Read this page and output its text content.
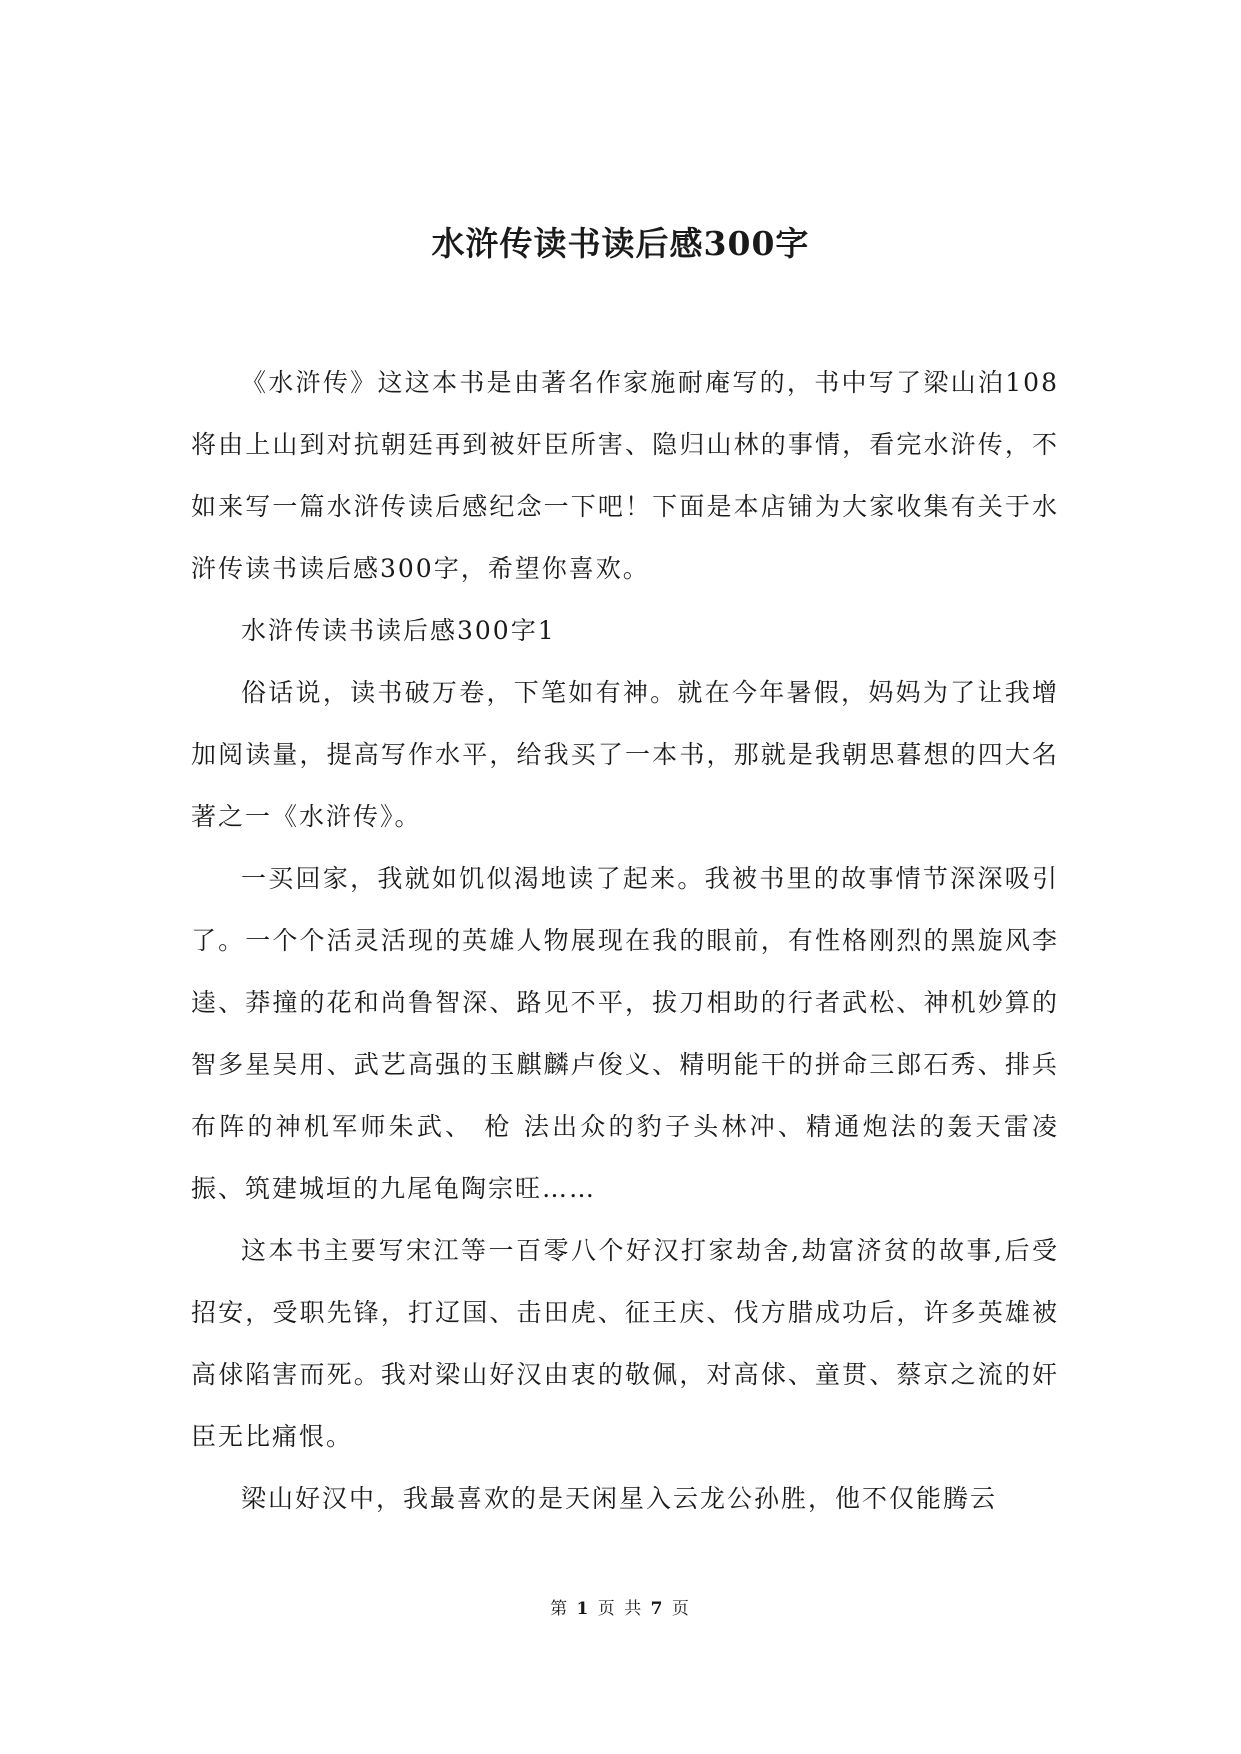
水浒传读书读后感300字

《水浒传》这这本书是由著名作家施耐庵写的，书中写了梁山泊108将由上山到对抗朝廷再到被奸臣所害、隐归山林的事情，看完水浒传，不如来写一篇水浒传读后感纪念一下吧！下面是本店铺为大家收集有关于水浒传读书读后感300字，希望你喜欢。

水浒传读书读后感300字1

俗话说，读书破万卷，下笔如有神。就在今年暑假，妈妈为了让我增加阅读量，提高写作水平，给我买了一本书，那就是我朝思暮想的四大名著之一《水浒传》。

一买回家，我就如饥似渴地读了起来。我被书里的故事情节深深吸引了。一个个活灵活现的英雄人物展现在我的眼前，有性格刚烈的黑旋风李逵、莽撞的花和尚鲁智深、路见不平，拔刀相助的行者武松、神机妙算的智多星吴用、武艺高强的玉麒麟卢俊义、精明能干的拼命三郎石秀、排兵布阵的神机军师朱武、 枪 法出众的豹子头林冲、精通炮法的轰天雷凌振、筑建城垣的九尾龟陶宗旺……

这本书主要写宋江等一百零八个好汉打家劫舍,劫富济贫的故事,后受招安，受职先锋，打辽国、击田虎、征王庆、伐方腊成功后，许多英雄被高俅陷害而死。我对梁山好汉由衷的敬佩，对高俅、童贯、蔡京之流的奸臣无比痛恨。

梁山好汉中，我最喜欢的是天闲星入云龙公孙胜，他不仅能腾云

第 1 页 共 7 页
